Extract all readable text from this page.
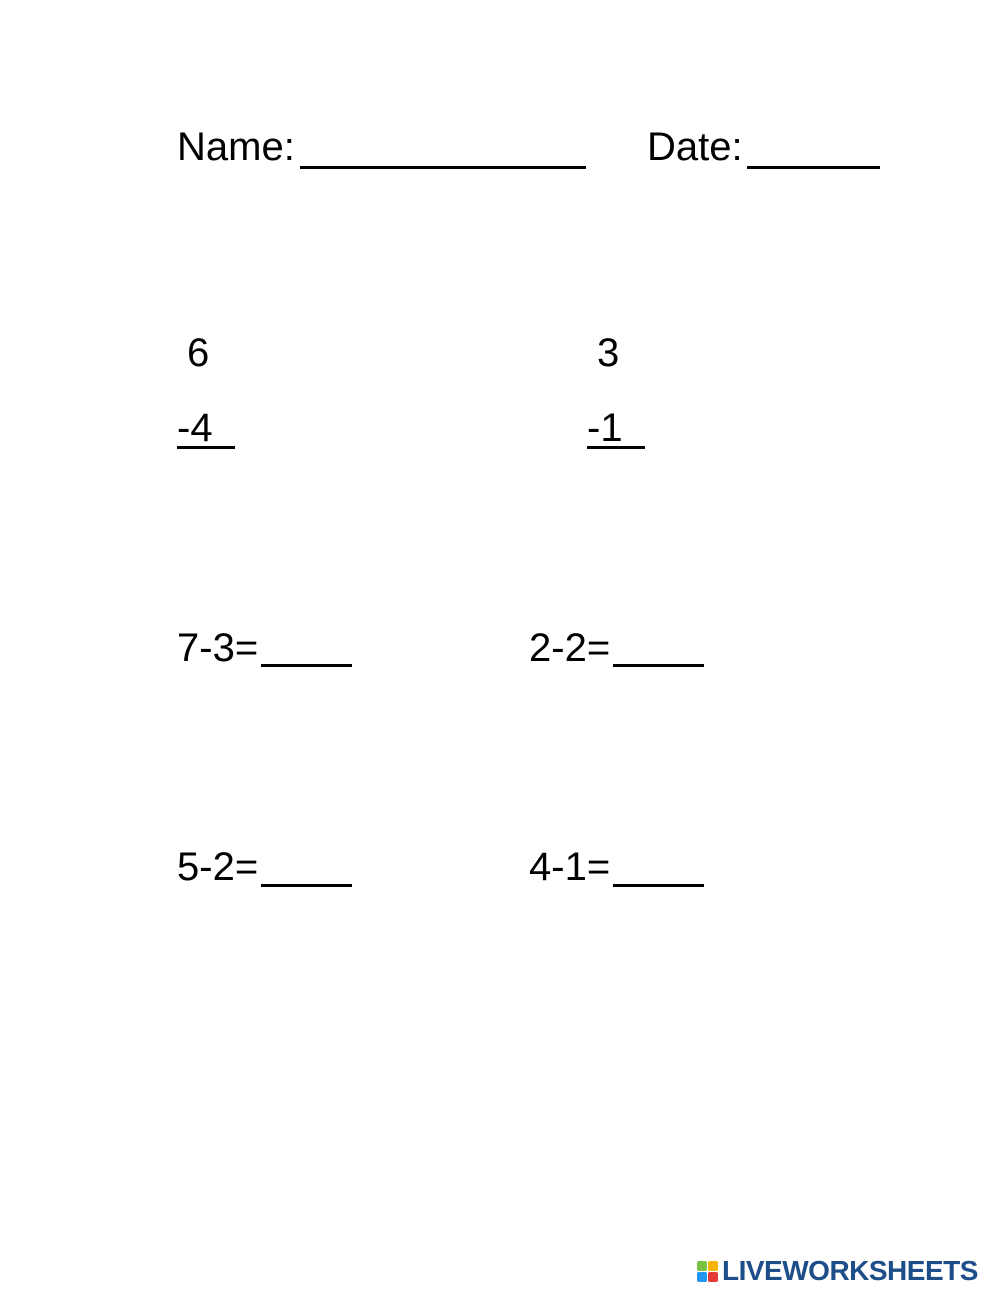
Name:	Date:
6
-4
3
-1
7-3=	2-2=
5-2=	4-1=
LIVEWORKSHEETS
